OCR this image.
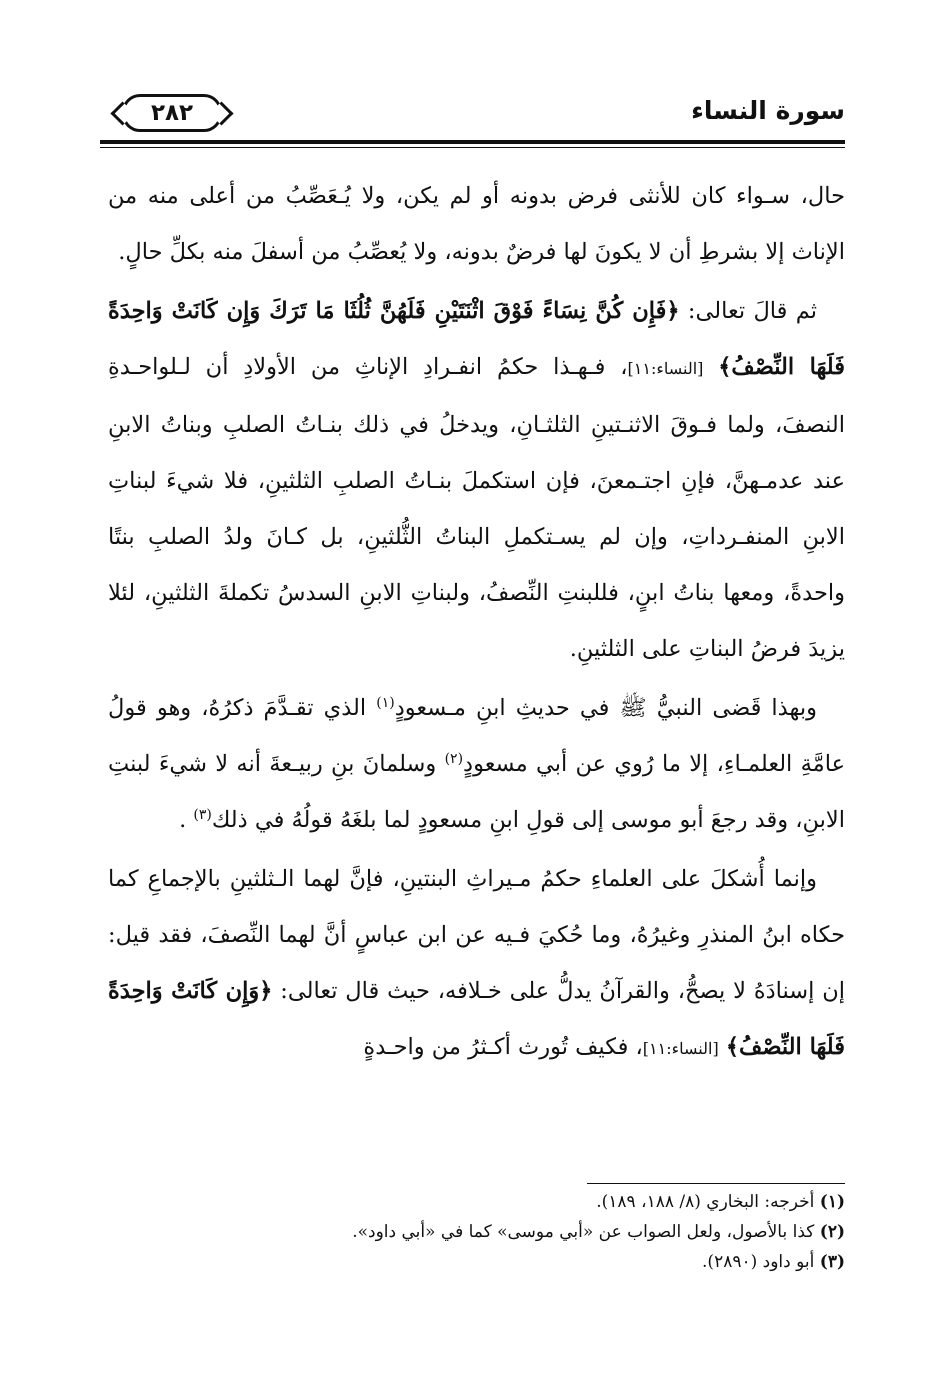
٢٨٢	سورة النساء

حال، سـواء كان للأنثى فرض بدونه أو لم يكن، ولا يُـعَصِّبُ من أعلى منه من الإناث إلا بشرطِ أن لا يكونَ لها فرضٌ بدونه، ولا يُعصِّبُ من أسفلَ منه بكلِّ حالٍ.

ثم قالَ تعالى: ﴿فَإِن كُنَّ نِسَاءً فَوْقَ اثْنَتَيْنِ فَلَهُنَّ ثُلُثَا مَا تَرَكَ وَإِن كَانَتْ وَاحِدَةً فَلَهَا النِّصْفُ﴾ [النساء:١١]، فـهـذا حكمُ انفـرادِ الإناثِ من الأولادِ أن لـلواحـدةِ النصفَ، ولما فـوقَ الاثنـتينِ الثلثـانِ، ويدخلُ في ذلك بنـاتُ الصلبِ وبناتُ الابنِ عند عدمـهنَّ، فإنِ اجتـمعنَ، فإن استكملَ بنـاتُ الصلبِ الثلثينِ، فلا شيءَ لبناتِ الابنِ المنفـرداتِ، وإن لم يسـتكملِ البناتُ الثُّلثينِ، بل كـانَ ولدُ الصلبِ بنتًا واحدةً، ومعها بناتُ ابنٍ، فللبنتِ النِّصفُ، ولبناتِ الابنِ السدسُ تكملةَ الثلثينِ، لئلا يزيدَ فرضُ البناتِ على الثلثينِ.

وبهذا قَضى النبيُّ ﷺ في حديثِ ابنِ مـسعودٍ$^{(١)}$ الذي تقـدَّمَ ذكرُهُ، وهو قولُ عامَّةِ العلمـاءِ، إلا ما رُوي عن أبي مسعودٍ$^{(٢)}$ وسلمانَ بنِ ربيـعةَ أنه لا شيءَ لبنتِ الابنِ، وقد رجعَ أبو موسى إلى قولِ ابنِ مسعودٍ لما بلغَهُ قولُهُ في ذلك$^{(٣)}$ .

وإنما أُشكلَ على العلماءِ حكمُ مـيراثِ البنتينِ، فإنَّ لهما الـثلثينِ بالإجماعِ كما حكاه ابنُ المنذرِ وغيرُهُ، وما حُكيَ فـيه عن ابن عباسٍ أنَّ لهما النِّصفَ، فقد قيل: إن إسنادَهُ لا يصحُّ، والقرآنُ يدلُّ على خـلافه، حيث قال تعالى: ﴿وَإِن كَانَتْ وَاحِدَةً فَلَهَا النِّصْفُ﴾ [النساء:١١]، فكيف تُورث أكـثرُ من واحـدةٍ

(١) أخرجه: البخاري (٨/ ١٨٨، ١٨٩).

(٢) كذا بالأصول، ولعل الصواب عن «أبي موسى» كما في «أبي داود».

(٣) أبو داود (٢٨٩٠).
